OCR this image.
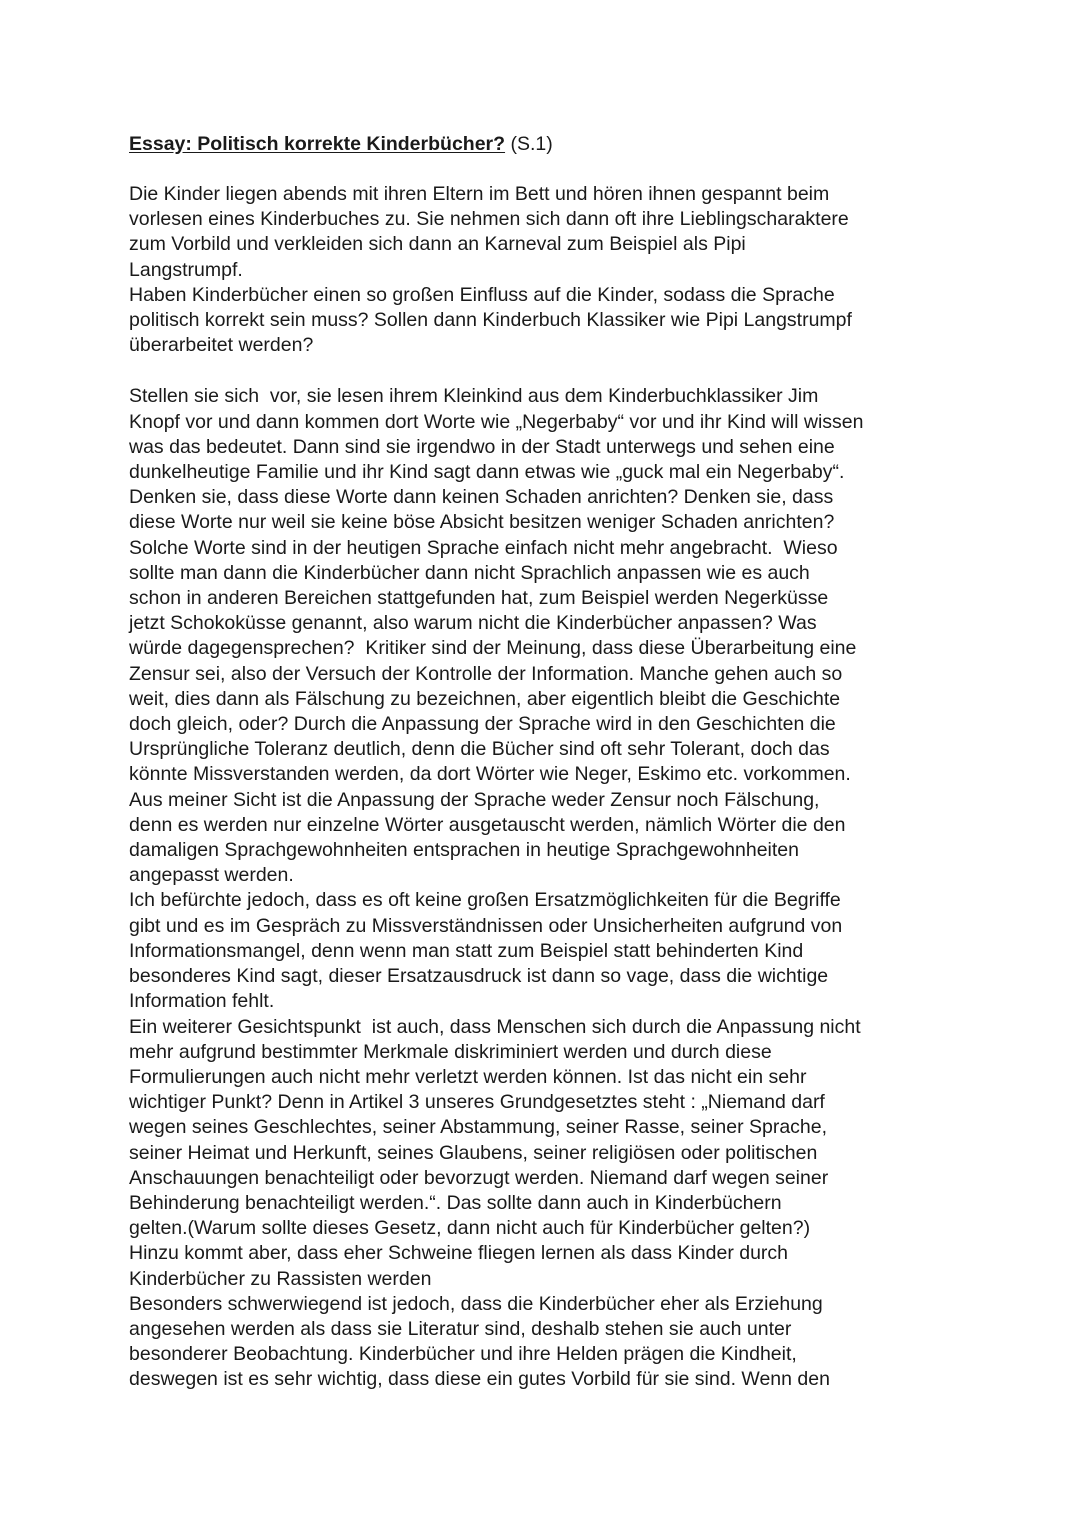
Essay: Politisch korrekte Kinderbücher? (S.1)
Die Kinder liegen abends mit ihren Eltern im Bett und hören ihnen gespannt beim
vorlesen eines Kinderbuches zu. Sie nehmen sich dann oft ihre Lieblingscharaktere
zum Vorbild und verkleiden sich dann an Karneval zum Beispiel als Pipi
Langstrumpf.
Haben Kinderbücher einen so großen Einfluss auf die Kinder, sodass die Sprache
politisch korrekt sein muss? Sollen dann Kinderbuch Klassiker wie Pipi Langstrumpf
überarbeitet werden?
Stellen sie sich  vor, sie lesen ihrem Kleinkind aus dem Kinderbuchklassiker Jim
Knopf vor und dann kommen dort Worte wie „Negerbaby“ vor und ihr Kind will wissen
was das bedeutet. Dann sind sie irgendwo in der Stadt unterwegs und sehen eine
dunkelheutige Familie und ihr Kind sagt dann etwas wie „guck mal ein Negerbaby“.
Denken sie, dass diese Worte dann keinen Schaden anrichten? Denken sie, dass
diese Worte nur weil sie keine böse Absicht besitzen weniger Schaden anrichten?
Solche Worte sind in der heutigen Sprache einfach nicht mehr angebracht.  Wieso
sollte man dann die Kinderbücher dann nicht Sprachlich anpassen wie es auch
schon in anderen Bereichen stattgefunden hat, zum Beispiel werden Negerküsse
jetzt Schokoküsse genannt, also warum nicht die Kinderbücher anpassen? Was
würde dagegensprechen?  Kritiker sind der Meinung, dass diese Überarbeitung eine
Zensur sei, also der Versuch der Kontrolle der Information. Manche gehen auch so
weit, dies dann als Fälschung zu bezeichnen, aber eigentlich bleibt die Geschichte
doch gleich, oder? Durch die Anpassung der Sprache wird in den Geschichten die
Ursprüngliche Toleranz deutlich, denn die Bücher sind oft sehr Tolerant, doch das
könnte Missverstanden werden, da dort Wörter wie Neger, Eskimo etc. vorkommen.
Aus meiner Sicht ist die Anpassung der Sprache weder Zensur noch Fälschung,
denn es werden nur einzelne Wörter ausgetauscht werden, nämlich Wörter die den
damaligen Sprachgewohnheiten entsprachen in heutige Sprachgewohnheiten
angepasst werden.
Ich befürchte jedoch, dass es oft keine großen Ersatzmöglichkeiten für die Begriffe
gibt und es im Gespräch zu Missverständnissen oder Unsicherheiten aufgrund von
Informationsmangel, denn wenn man statt zum Beispiel statt behinderten Kind
besonderes Kind sagt, dieser Ersatzausdruck ist dann so vage, dass die wichtige
Information fehlt.
Ein weiterer Gesichtspunkt  ist auch, dass Menschen sich durch die Anpassung nicht
mehr aufgrund bestimmter Merkmale diskriminiert werden und durch diese
Formulierungen auch nicht mehr verletzt werden können. Ist das nicht ein sehr
wichtiger Punkt? Denn in Artikel 3 unseres Grundgesetztes steht : „Niemand darf
wegen seines Geschlechtes, seiner Abstammung, seiner Rasse, seiner Sprache,
seiner Heimat und Herkunft, seines Glaubens, seiner religiösen oder politischen
Anschauungen benachteiligt oder bevorzugt werden. Niemand darf wegen seiner
Behinderung benachteiligt werden.“. Das sollte dann auch in Kinderbüchern
gelten.(Warum sollte dieses Gesetz, dann nicht auch für Kinderbücher gelten?)
Hinzu kommt aber, dass eher Schweine fliegen lernen als dass Kinder durch
Kinderbücher zu Rassisten werden
Besonders schwerwiegend ist jedoch, dass die Kinderbücher eher als Erziehung
angesehen werden als dass sie Literatur sind, deshalb stehen sie auch unter
besonderer Beobachtung. Kinderbücher und ihre Helden prägen die Kindheit,
deswegen ist es sehr wichtig, dass diese ein gutes Vorbild für sie sind. Wenn den
